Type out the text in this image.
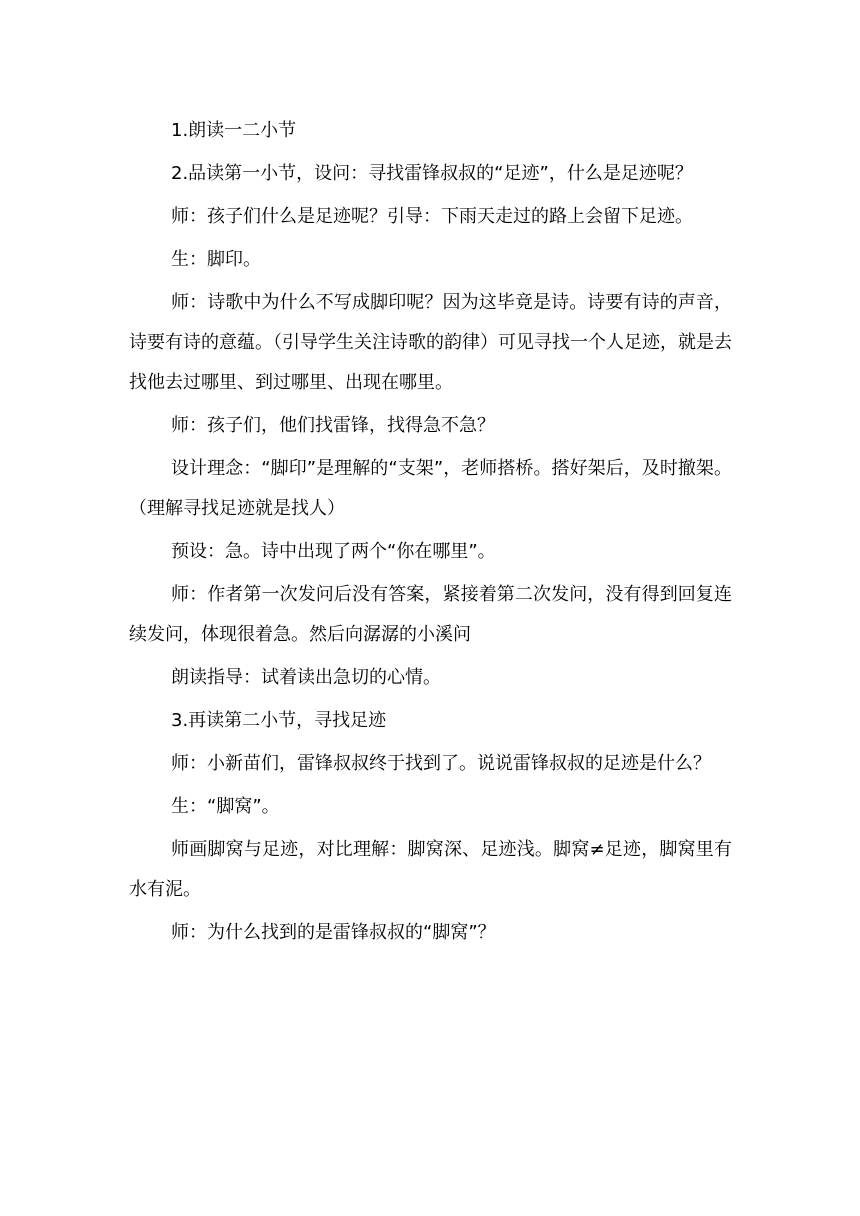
1.朗读一二小节

2.品读第一小节，设问：寻找雷锋叔叔的“足迹”，什么是足迹呢？

师：孩子们什么是足迹呢？引导：下雨天走过的路上会留下足迹。

生：脚印。

师：诗歌中为什么不写成脚印呢？因为这毕竟是诗。诗要有诗的声音，诗要有诗的意蕴。（引导学生关注诗歌的韵律）可见寻找一个人足迹，就是去找他去过哪里、到过哪里、出现在哪里。

师：孩子们，他们找雷锋，找得急不急？

设计理念：“脚印”是理解的“支架”，老师搭桥。搭好架后，及时撤架。（理解寻找足迹就是找人）

预设：急。诗中出现了两个“你在哪里”。

师：作者第一次发问后没有答案，紧接着第二次发问，没有得到回复连续发问，体现很着急。然后向潺潺的小溪问

朗读指导：试着读出急切的心情。

3.再读第二小节，寻找足迹

师：小新苗们，雷锋叔叔终于找到了。说说雷锋叔叔的足迹是什么？

生：“脚窝”。

师画脚窝与足迹，对比理解：脚窝深、足迹浅。脚窝≠足迹，脚窝里有水有泥。

师：为什么找到的是雷锋叔叔的“脚窝”？
